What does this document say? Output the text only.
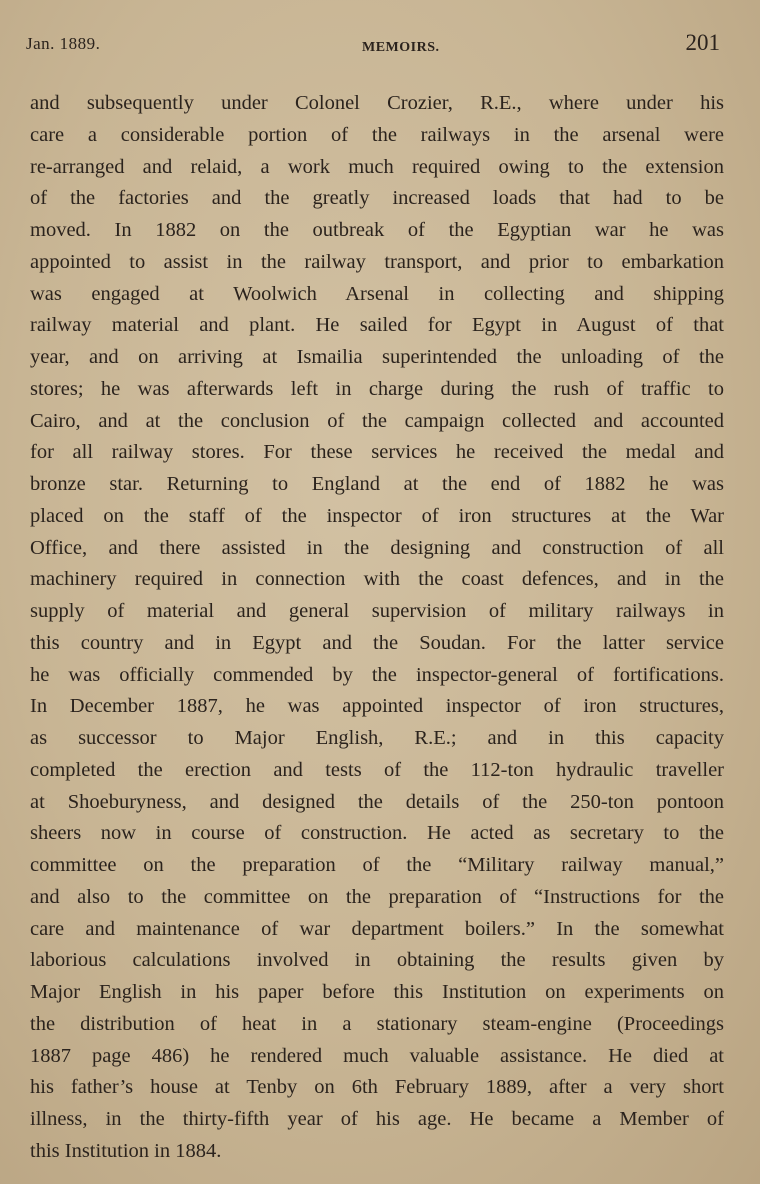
Jan. 1889.	MEMOIRS.	201
and subsequently under Colonel Crozier, R.E., where under his
care a considerable portion of the railways in the arsenal were
re-arranged and relaid, a work much required owing to the extension
of the factories and the greatly increased loads that had to be
moved. In 1882 on the outbreak of the Egyptian war he was
appointed to assist in the railway transport, and prior to embarkation
was engaged at Woolwich Arsenal in collecting and shipping
railway material and plant. He sailed for Egypt in August of that
year, and on arriving at Ismailia superintended the unloading of the
stores; he was afterwards left in charge during the rush of traffic to
Cairo, and at the conclusion of the campaign collected and accounted
for all railway stores. For these services he received the medal and
bronze star. Returning to England at the end of 1882 he was
placed on the staff of the inspector of iron structures at the War
Office, and there assisted in the designing and construction of all
machinery required in connection with the coast defences, and in the
supply of material and general supervision of military railways in
this country and in Egypt and the Soudan. For the latter service
he was officially commended by the inspector-general of fortifications.
In December 1887, he was appointed inspector of iron structures,
as successor to Major English, R.E.; and in this capacity
completed the erection and tests of the 112-ton hydraulic traveller
at Shoeburyness, and designed the details of the 250-ton pontoon
sheers now in course of construction. He acted as secretary to the
committee on the preparation of the “Military railway manual,”
and also to the committee on the preparation of “Instructions for the
care and maintenance of war department boilers.” In the somewhat
laborious calculations involved in obtaining the results given by
Major English in his paper before this Institution on experiments on
the distribution of heat in a stationary steam-engine (Proceedings
1887 page 486) he rendered much valuable assistance. He died at
his father’s house at Tenby on 6th February 1889, after a very short
illness, in the thirty-fifth year of his age. He became a Member of
this Institution in 1884.
